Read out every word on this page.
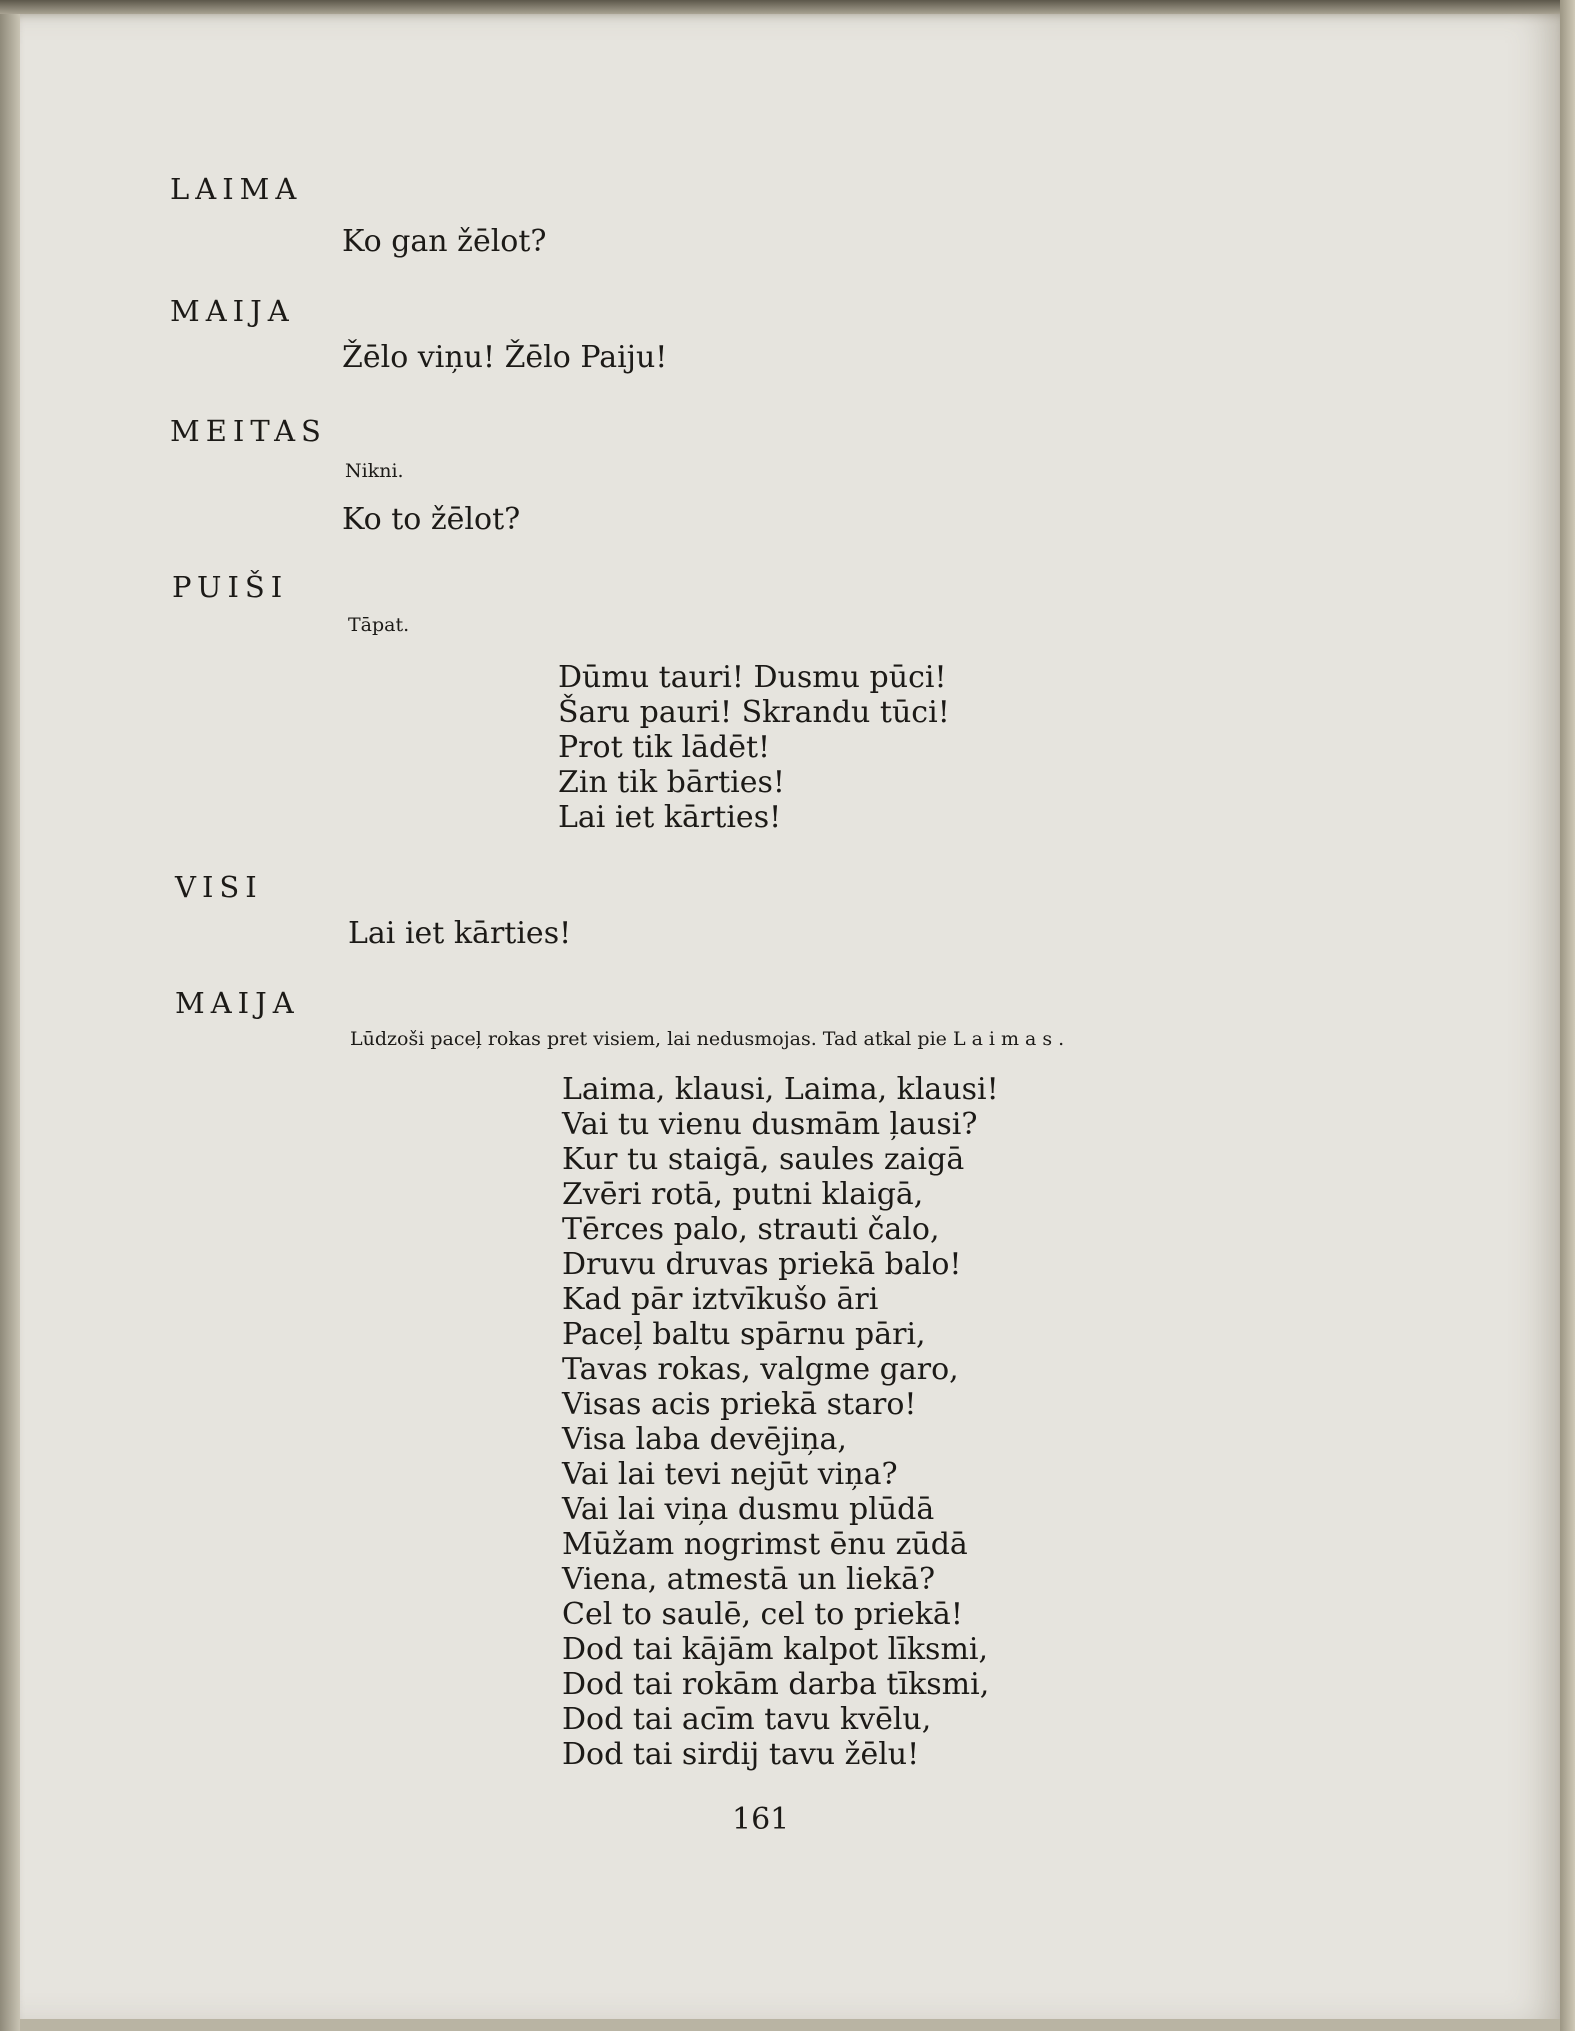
LAIMA
Ko gan žēlot?
MAIJA
Žēlo viņu! Žēlo Paiju!
MEITAS
Nikni.
Ko to žēlot?
PUIŠI
Tāpat.
Dūmu tauri! Dusmu pūci!
Šaru pauri! Skrandu tūci!
Prot tik lādēt!
Zin tik bārties!
Lai iet kārties!
VISI
Lai iet kārties!
MAIJA
Lūdzoši paceļ rokas pret visiem, lai nedusmojas. Tad atkal pie Laimas.
Laima, klausi, Laima, klausi!
Vai tu vienu dusmām ļausi?
Kur tu staigā, saules zaigā
Zvēri rotā, putni klaigā,
Tērces palo, strauti čalo,
Druvu druvas priekā balo!
Kad pār iztvīkušo āri
Paceļ baltu spārnu pāri,
Tavas rokas, valgme garo,
Visas acis priekā staro!
Visa laba devējiņa,
Vai lai tevi nejūt viņa?
Vai lai viņa dusmu plūdā
Mūžam nogrimst ēnu zūdā
Viena, atmestā un liekā?
Cel to saulē, cel to priekā!
Dod tai kājām kalpot līksmi,
Dod tai rokām darba tīksmi,
Dod tai acīm tavu kvēlu,
Dod tai sirdij tavu žēlu!
161
